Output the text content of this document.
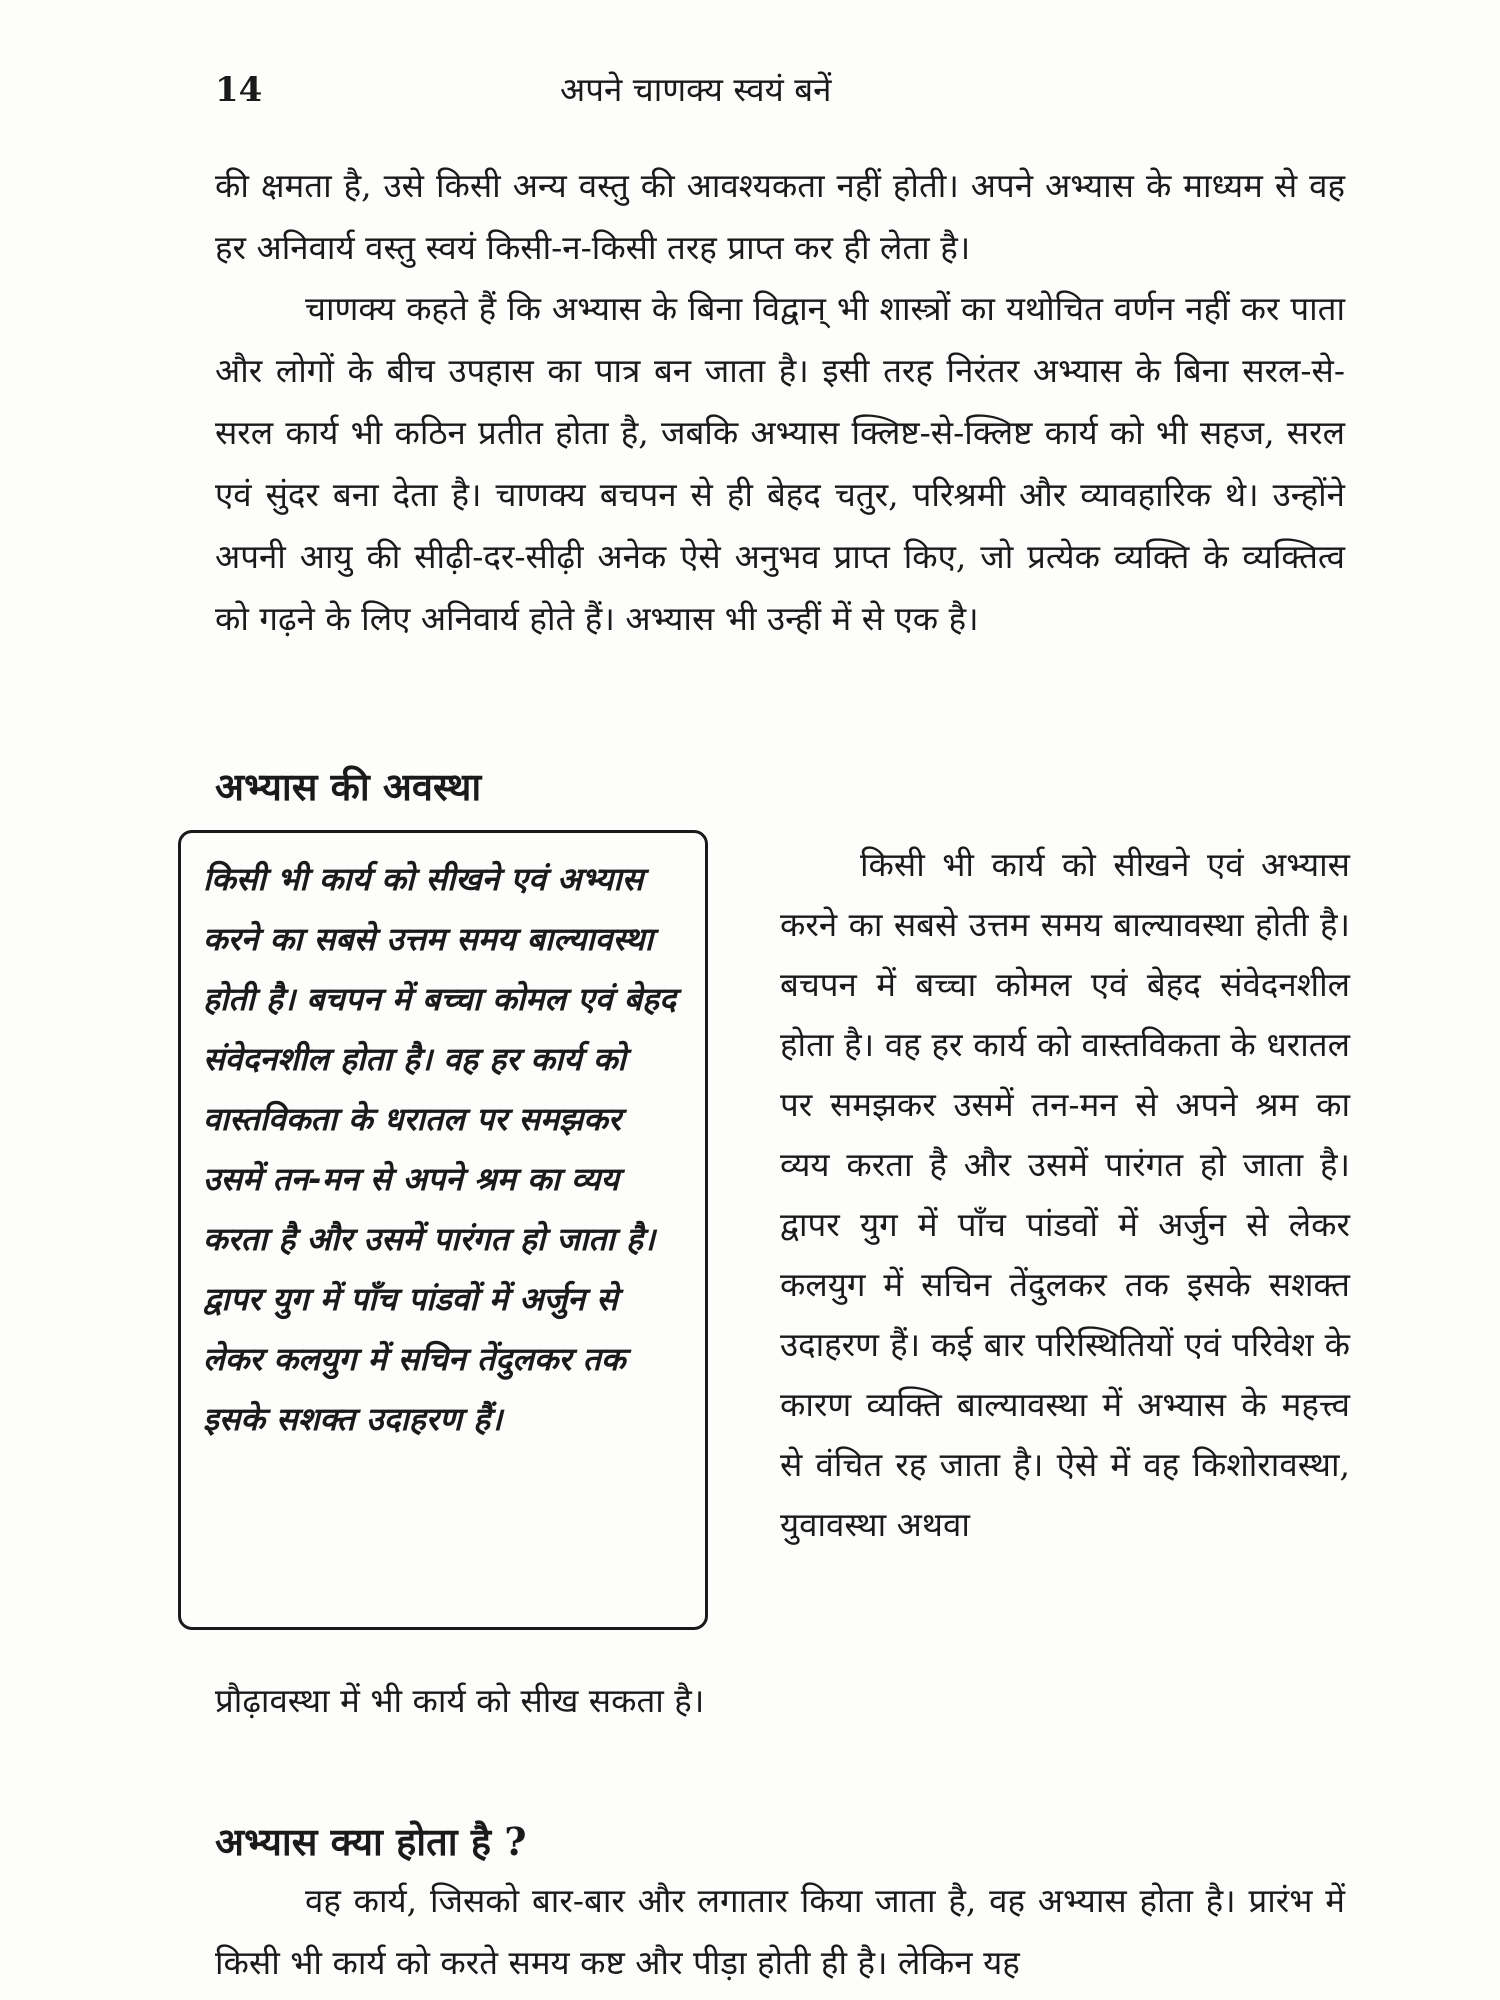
14	अपने चाणक्य स्वयं बनें

की क्षमता है, उसे किसी अन्य वस्तु की आवश्यकता नहीं होती। अपने अभ्यास के माध्यम से वह हर अनिवार्य वस्तु स्वयं किसी-न-किसी तरह प्राप्त कर ही लेता है।

चाणक्य कहते हैं कि अभ्यास के बिना विद्वान् भी शास्त्रों का यथोचित वर्णन नहीं कर पाता और लोगों के बीच उपहास का पात्र बन जाता है। इसी तरह निरंतर अभ्यास के बिना सरल-से-सरल कार्य भी कठिन प्रतीत होता है, जबकि अभ्यास क्लिष्ट-से-क्लिष्ट कार्य को भी सहज, सरल एवं सुंदर बना देता है। चाणक्य बचपन से ही बेहद चतुर, परिश्रमी और व्यावहारिक थे। उन्होंने अपनी आयु की सीढ़ी-दर-सीढ़ी अनेक ऐसे अनुभव प्राप्त किए, जो प्रत्येक व्यक्ति के व्यक्तित्व को गढ़ने के लिए अनिवार्य होते हैं। अभ्यास भी उन्हीं में से एक है।

अभ्यास की अवस्था

किसी भी कार्य को सीखने एवं अभ्यास करने का सबसे उत्तम समय बाल्यावस्था होती है। बचपन में बच्चा कोमल एवं बेहद संवेदनशील होता है। वह हर कार्य को वास्तविकता के धरातल पर समझकर उसमें तन-मन से अपने श्रम का व्यय करता है और उसमें पारंगत हो जाता है। द्वापर युग में पाँच पांडवों में अर्जुन से लेकर कलयुग में सचिन तेंदुलकर तक इसके सशक्त उदाहरण हैं।

किसी भी कार्य को सीखने एवं अभ्यास करने का सबसे उत्तम समय बाल्यावस्था होती है। बचपन में बच्चा कोमल एवं बेहद संवेदनशील होता है। वह हर कार्य को वास्तविकता के धरातल पर समझकर उसमें तन-मन से अपने श्रम का व्यय करता है और उसमें पारंगत हो जाता है। द्वापर युग में पाँच पांडवों में अर्जुन से लेकर कलयुग में सचिन तेंदुलकर तक इसके सशक्त उदाहरण हैं। कई बार परिस्थितियों एवं परिवेश के कारण व्यक्ति बाल्यावस्था में अभ्यास के महत्त्व से वंचित रह जाता है। ऐसे में वह किशोरावस्था, युवावस्था अथवा

प्रौढ़ावस्था में भी कार्य को सीख सकता है।

अभ्यास क्या होता है ?

वह कार्य, जिसको बार-बार और लगातार किया जाता है, वह अभ्यास होता है। प्रारंभ में किसी भी कार्य को करते समय कष्ट और पीड़ा होती ही है। लेकिन यह
